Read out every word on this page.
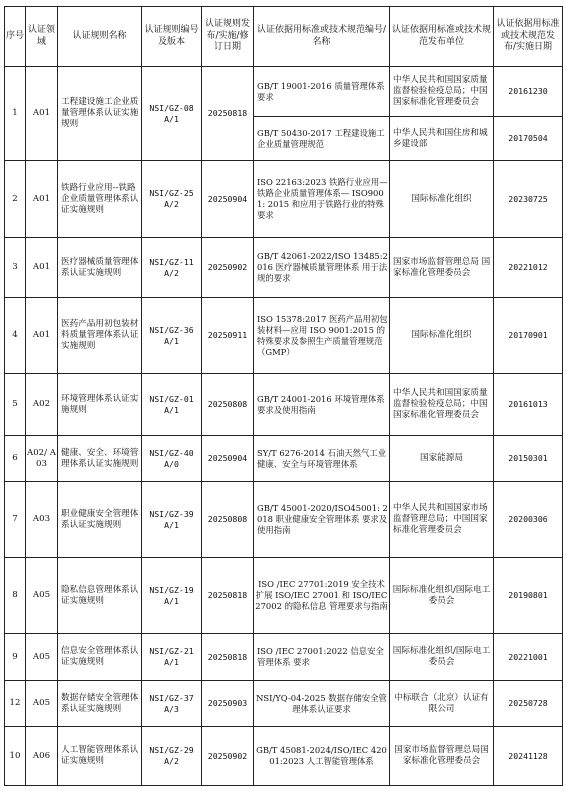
序号	认证领域	认证规则名称	认证规则编号及版本	认证规则发布/实施/修订日期	认证依据用标准或技术规范编号/名称	认证依据用标准或技术规范发布单位	认证依据用标准或技术规范发布/实施日期
1	A01	工程建设施工企业质量管理体系认证实施规则	NSI/GZ-08 A/1	20250818	GB/T 19001-2016 质量管理体系 要求	中华人民共和国国家质量监督检验检疫总局；中国国家标准化管理委员会	20161230
					GB/T 50430-2017 工程建设施工企业质量管理规范	中华人民共和国住房和城乡建设部	20170504
2	A01	铁路行业应用--铁路企业质量管理体系认证实施规则	NSI/GZ-25 A/2	20250904	ISO 22163:2023 铁路行业应用—铁路企业质量管理体系— ISO9001: 2015 和应用于铁路行业的特殊要求	国际标准化组织	20230725
3	A01	医疗器械质量管理体系认证实施规则	NSI/GZ-11 A/2	20250902	GB/T 42061-2022/ISO 13485:2016 医疗器械质量管理体系 用于法规的要求	国家市场监督管理总局 国家标准化管理委员会	20221012
4	A01	医药产品用初包装材料质量管理体系认证实施规则	NSI/GZ-36 A/1	20250911	ISO 15378:2017 医药产品用初包装材料—应用 ISO 9001:2015 的特殊要求及参照生产质量管理规范（GMP）	国际标准化组织	20170901
5	A02	环境管理体系认证实施规则	NSI/GZ-01 A/1	20250808	GB/T 24001-2016 环境管理体系 要求及使用指南	中华人民共和国国家质量监督检验检疫总局；中国国家标准化管理委员会	20161013
6	A02/ A03	健康、安全、环境管理体系认证实施规则	NSI/GZ-40 A/0	20250904	SY/T 6276-2014 石油天然气工业 健康、安全与环境管理体系	国家能源局	20150301
7	A03	职业健康安全管理体系认证实施规则	NSI/GZ-39 A/1	20250808	GB/T 45001-2020/ISO45001: 2018 职业健康安全管理体系 要求及使用指南	中华人民共和国国家市场监督管理总局；中国国家标准化管理委员会	20200306
8	A05	隐私信息管理体系认证实施规则	NSI/GZ-19 A/1	20250818	ISO /IEC 27701:2019 安全技术 扩展 ISO/IEC 27001 和 ISO/IEC 27002 的隐私信息 管理要求与指南	国际标准化组织/国际电工委员会	20190801
9	A05	信息安全管理体系认证实施规则	NSI/GZ-21 A/1	20250818	ISO /IEC 27001:2022 信息安全管理体系 要求	国际标准化组织/国际电工委员会	20221001
12	A05	数据存储安全管理体系认证实施规则	NSI/GZ-37 A/3	20250903	NSI/YQ-04-2025 数据存储安全管理体系认证要求	中标联合（北京）认证有限公司	20250728
10	A06	人工智能管理体系认证实施规则	NSI/GZ-29 A/2	20250902	GB/T 45081-2024/ISO/IEC 42001:2023 人工智能管理体系	国家市场监督管理总局国家标准化管理委员会	20241128
